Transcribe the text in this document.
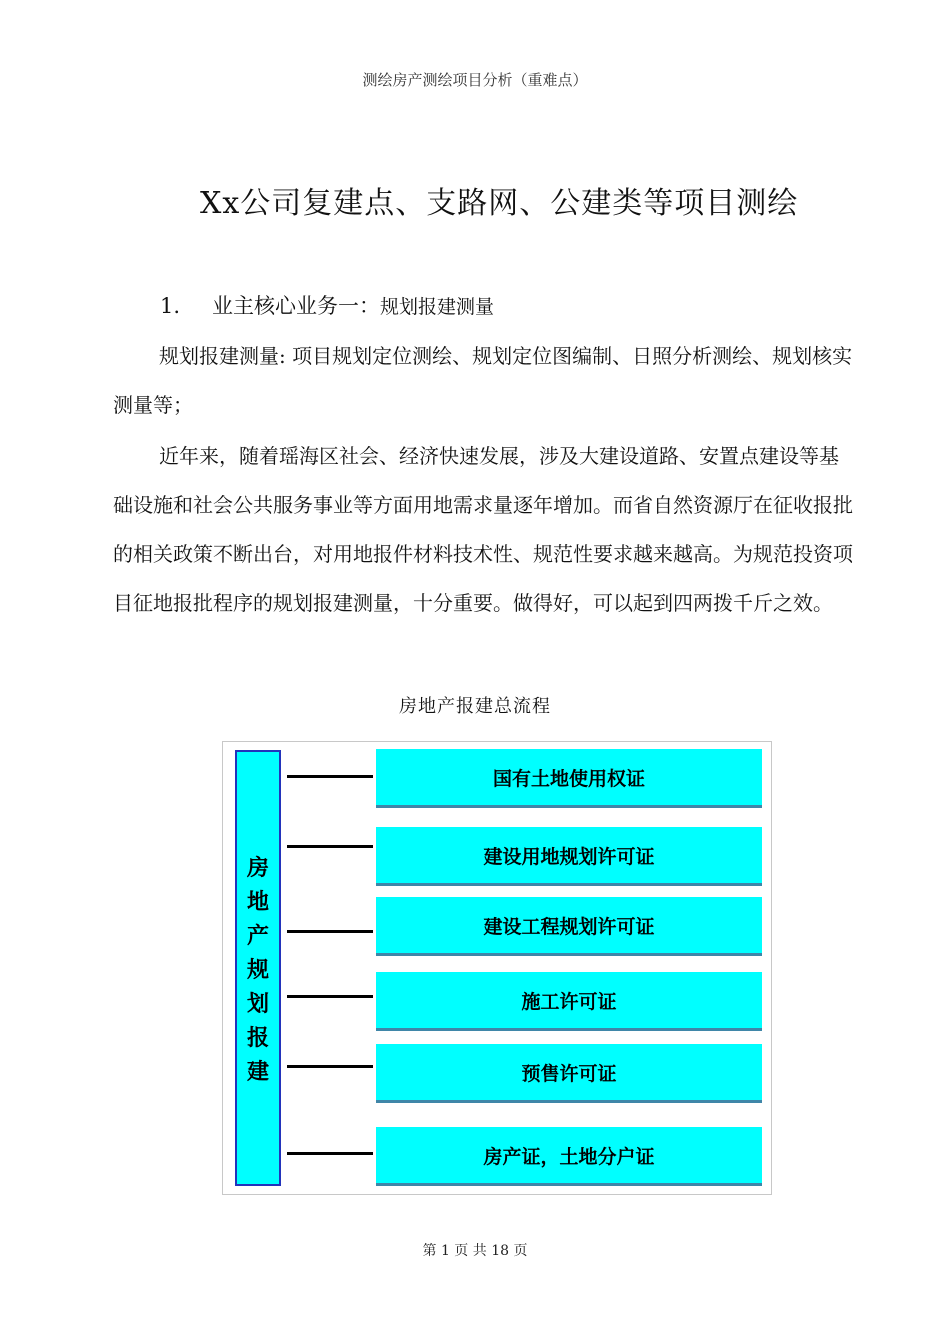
测绘房产测绘项目分析（重难点）
Xx公司复建点、支路网、公建类等项目测绘
1. 业主核心业务一：规划报建测量

规划报建测量: 项目规划定位测绘、规划定位图编制、日照分析测绘、规划核实测量等；

近年来，随着瑶海区社会、经济快速发展，涉及大建设道路、安置点建设等基础设施和社会公共服务事业等方面用地需求量逐年增加。而省自然资源厅在征收报批的相关政策不断出台，对用地报件材料技术性、规范性要求越来越高。为规范投资项目征地报批程序的规划报建测量，十分重要。做得好，可以起到四两拨千斤之效。

房地产报建总流程
房地产规划报建
国有土地使用权证
建设用地规划许可证
建设工程规划许可证
施工许可证
预售许可证
房产证，土地分户证
第 1 页 共 18 页
